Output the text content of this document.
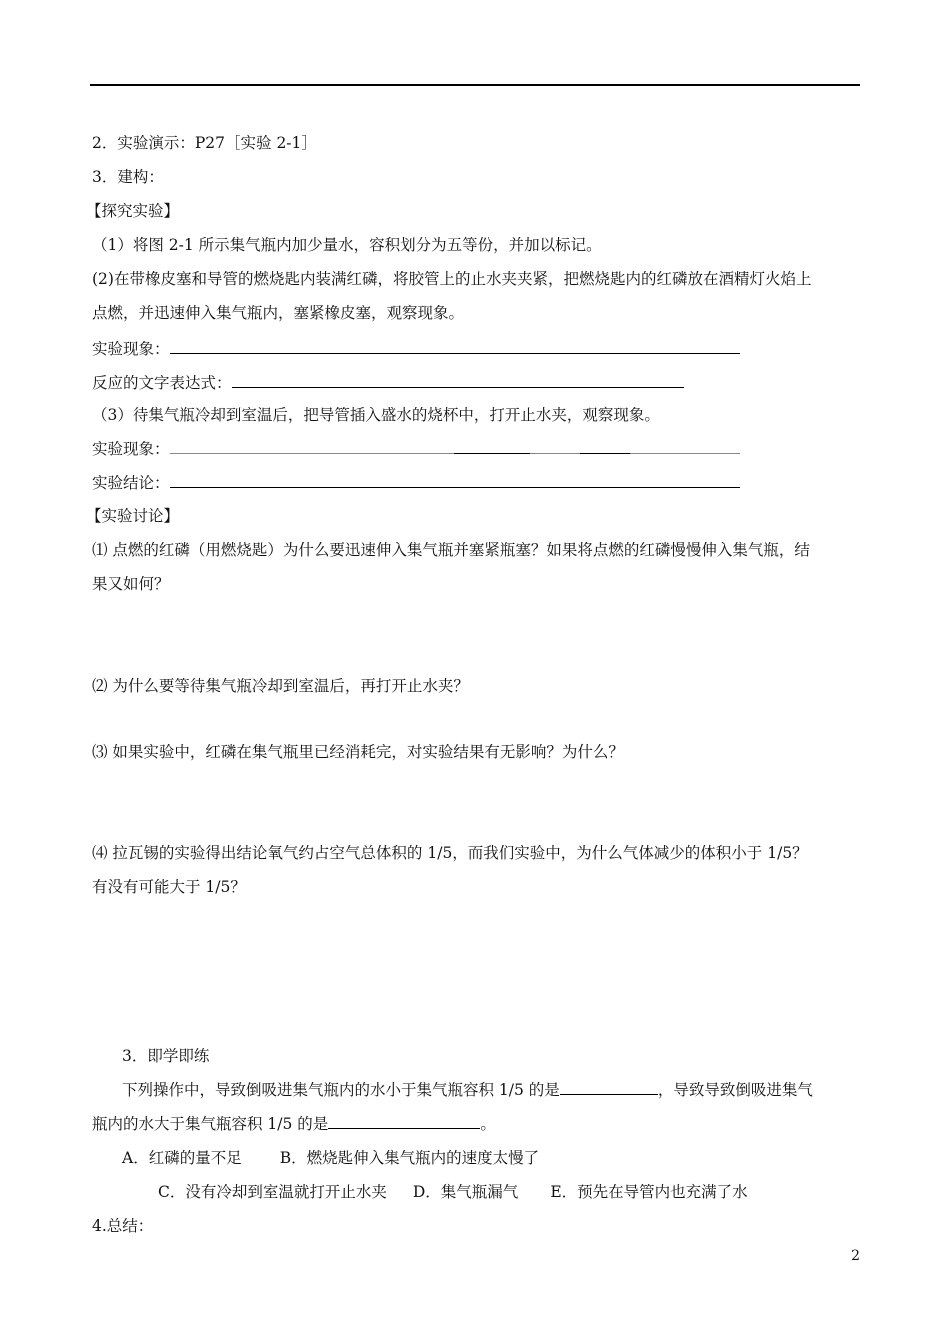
2．实验演示：P27［实验 2-1］
3．建构：
【探究实验】
（1）将图 2-1 所示集气瓶内加少量水，容积划分为五等份，并加以标记。
(2)在带橡皮塞和导管的燃烧匙内装满红磷，将胶管上的止水夹夹紧，把燃烧匙内的红磷放在酒精灯火焰上
点燃，并迅速伸入集气瓶内，塞紧橡皮塞，观察现象。
实验现象：
反应的文字表达式：
（3）待集气瓶冷却到室温后，把导管插入盛水的烧杯中，打开止水夹，观察现象。
实验现象：
实验结论：
【实验讨论】
⑴ 点燃的红磷（用燃烧匙）为什么要迅速伸入集气瓶并塞紧瓶塞？如果将点燃的红磷慢慢伸入集气瓶，结
果又如何？
⑵ 为什么要等待集气瓶冷却到室温后，再打开止水夹？
⑶ 如果实验中，红磷在集气瓶里已经消耗完，对实验结果有无影响？为什么？
⑷ 拉瓦锡的实验得出结论氧气约占空气总体积的 1/5，而我们实验中，为什么气体减少的体积小于 1/5？
有没有可能大于 1/5？
3．即学即练
下列操作中，导致倒吸进集气瓶内的水小于集气瓶容积 1/5 的是	，导致导致倒吸进集气
瓶内的水大于集气瓶容积 1/5 的是	。
A．红磷的量不足 B．燃烧匙伸入集气瓶内的速度太慢了
C．没有冷却到室温就打开止水夹 D．集气瓶漏气 E．预先在导管内也充满了水
4.总结：
2
